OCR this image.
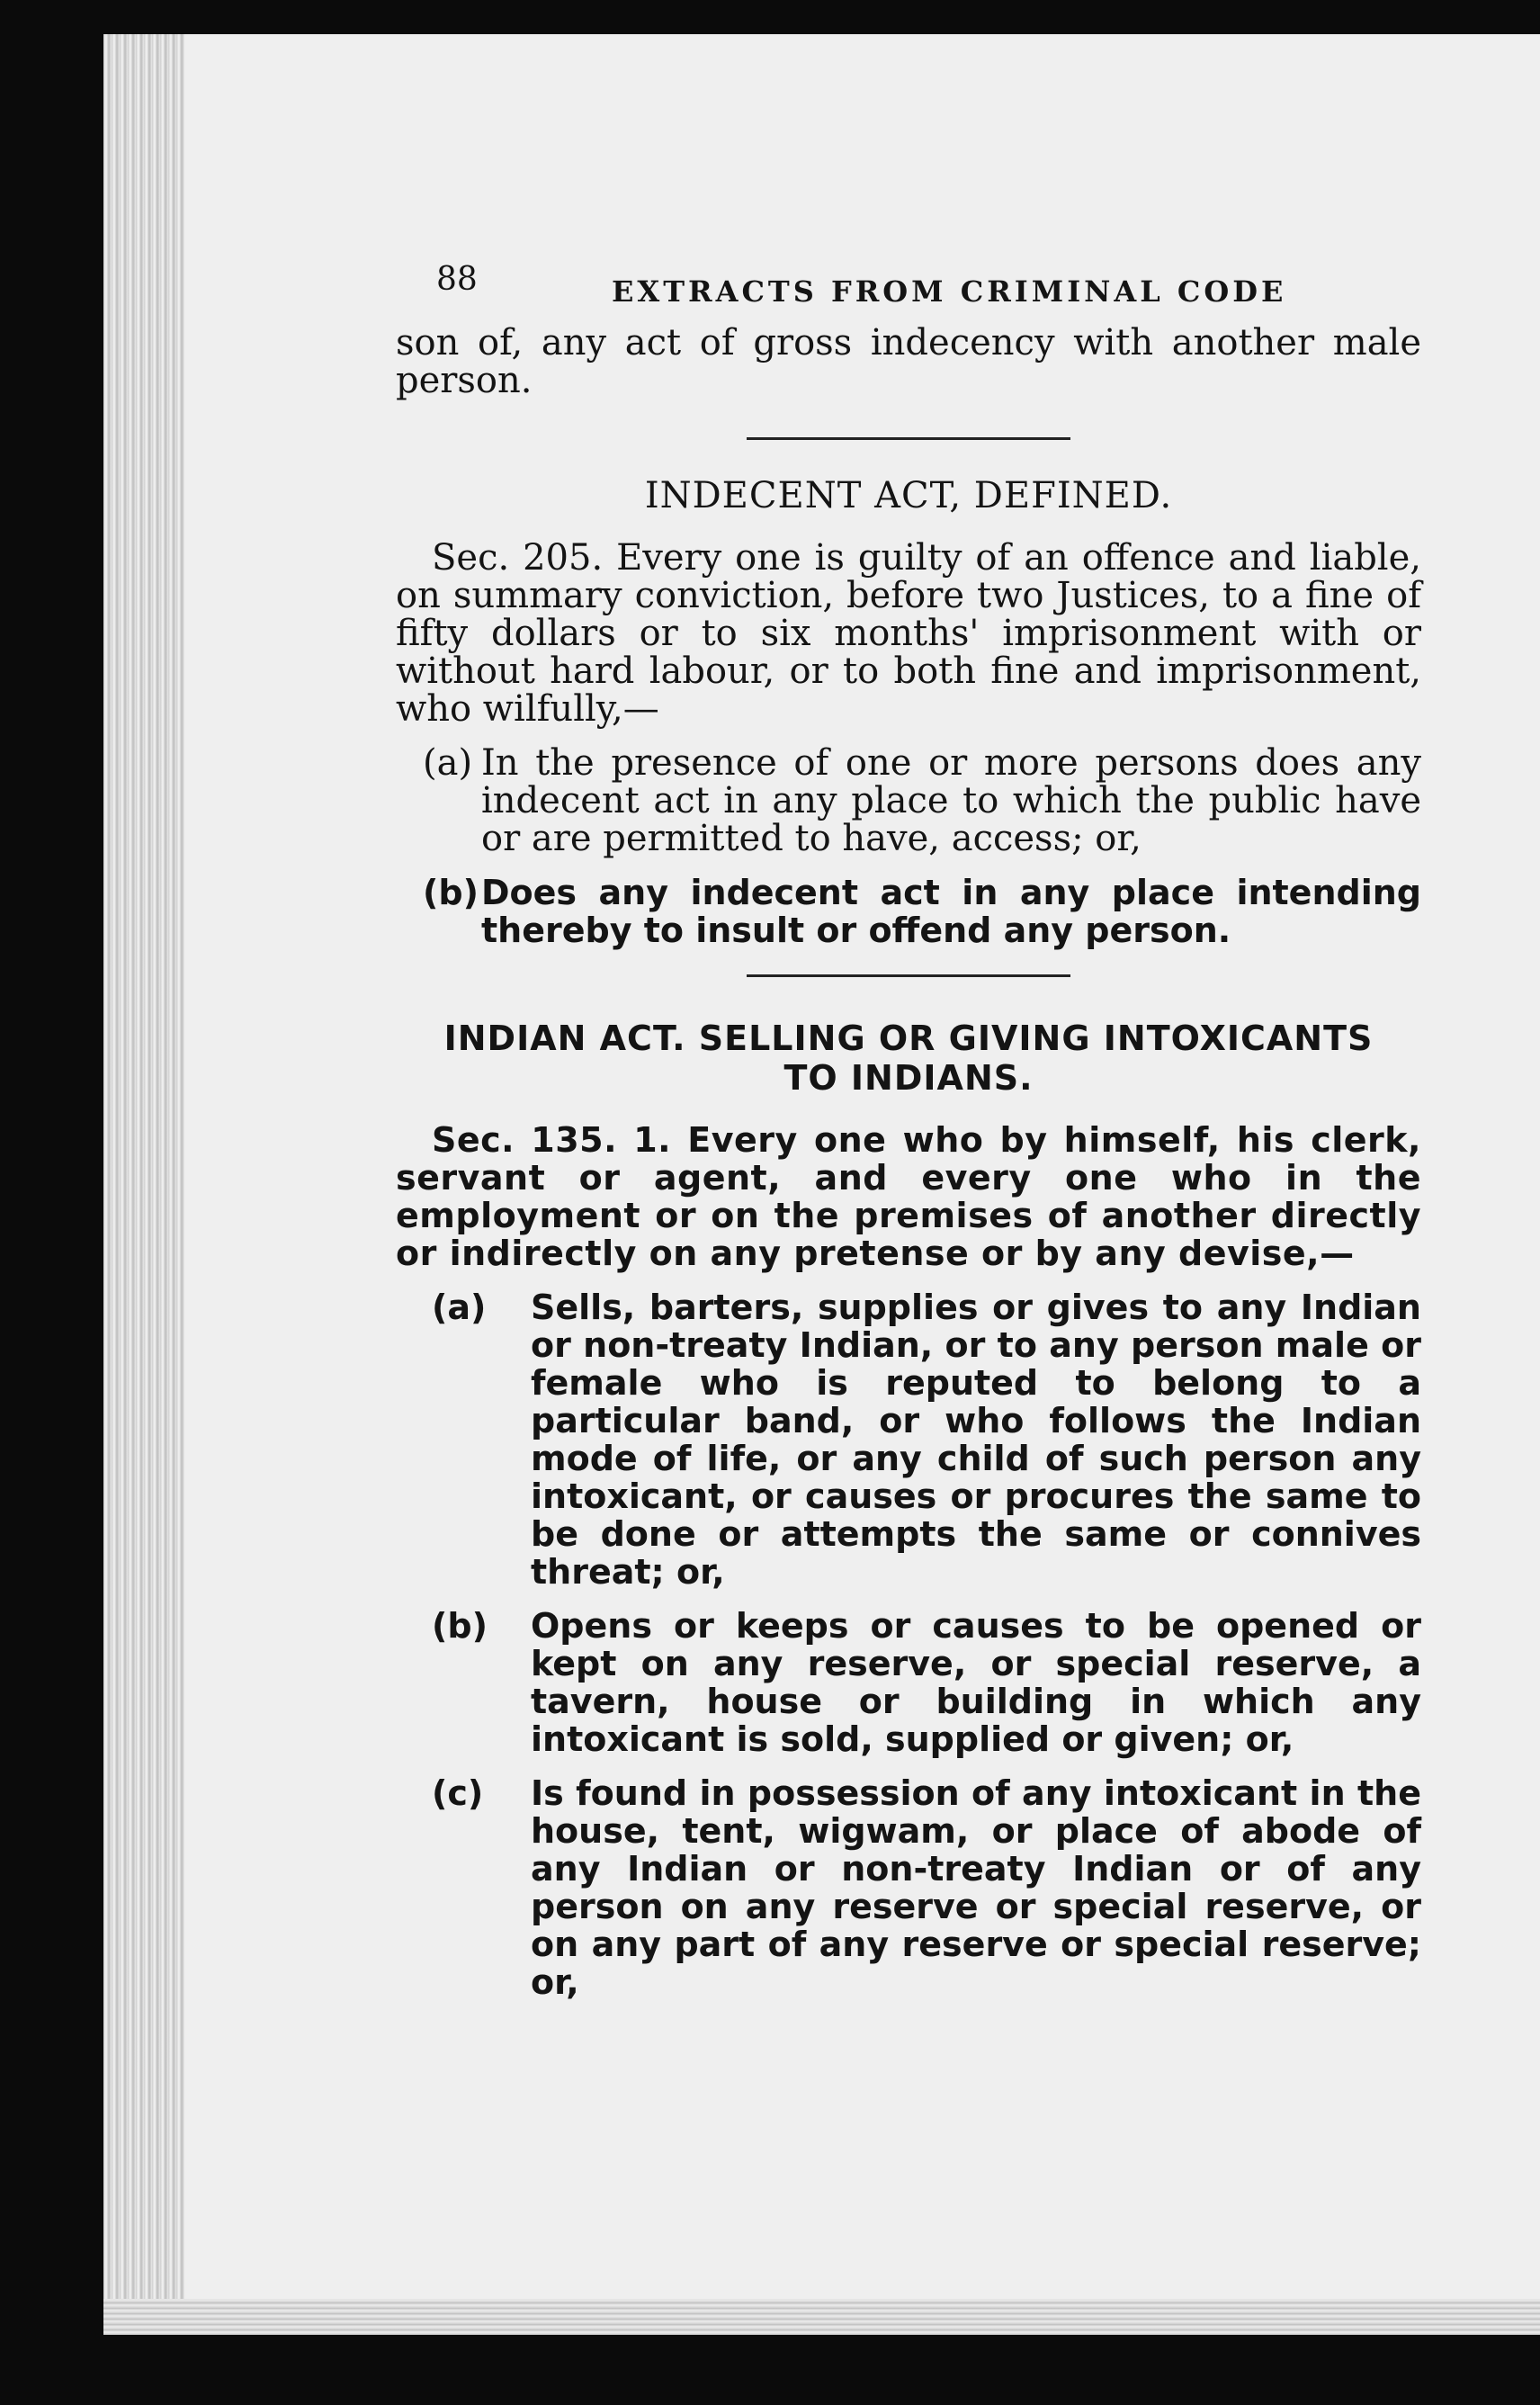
88	EXTRACTS FROM CRIMINAL CODE

son of, any act of gross indecency with another male person.

INDECENT ACT, DEFINED.

Sec. 205. Every one is guilty of an offence and liable, on summary conviction, before two Justices, to a fine of fifty dollars or to six months' imprisonment with or without hard labour, or to both fine and imprisonment, who wilfully,—

(a) In the presence of one or more persons does any indecent act in any place to which the public have or are permitted to have, access; or,

(b) Does any indecent act in any place intending thereby to insult or offend any person.

INDIAN ACT. SELLING OR GIVING INTOXICANTS
TO INDIANS.

Sec. 135. 1. Every one who by himself, his clerk, servant or agent, and every one who in the employment or on the premises of another directly or indirectly on any pretense or by any devise,—

(a)	Sells, barters, supplies or gives to any Indian or non-treaty Indian, or to any person male or female who is reputed to belong to a particular band, or who follows the Indian mode of life, or any child of such person any intoxicant, or causes or procures the same to be done or attempts the same or connives threat; or,

(b)	Opens or keeps or causes to be opened or kept on any reserve, or special reserve, a tavern, house or building in which any intoxicant is sold, supplied or given; or,

(c)	Is found in possession of any intoxicant in the house, tent, wigwam, or place of abode of any Indian or non-treaty Indian or of any person on any reserve or special reserve, or on any part of any reserve or special reserve; or,
